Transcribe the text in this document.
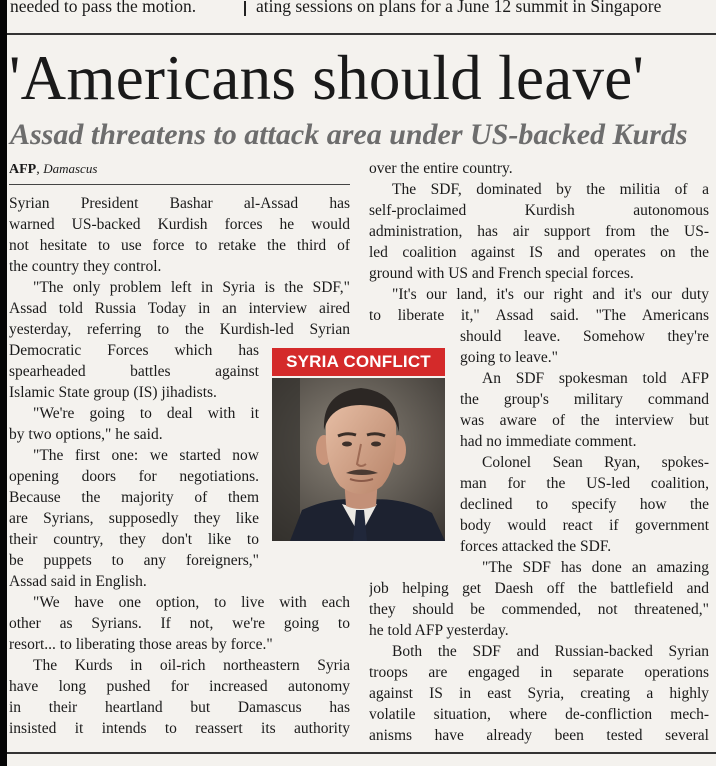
needed to pass the motion.	ating sessions on plans for a June 12 summit in Singapore
'Americans should leave'
Assad threatens to attack area under US-backed Kurds
AFP, Damascus
Syrian President Bashar al-Assad has
warned US-backed Kurdish forces he would
not hesitate to use force to retake the third of
the country they control.
"The only problem left in Syria is the SDF,"
Assad told Russia Today in an interview aired
yesterday, referring to the Kurdish-led Syrian
Democratic Forces which has
spearheaded battles against
Islamic State group (IS) jihadists.
"We're going to deal with it
by two options," he said.
"The first one: we started now
opening doors for negotiations.
Because the majority of them
are Syrians, supposedly they like
their country, they don't like to
be puppets to any foreigners,"
Assad said in English.
"We have one option, to live with each
other as Syrians. If not, we're going to
resort... to liberating those areas by force."
The Kurds in oil-rich northeastern Syria
have long pushed for increased autonomy
in their heartland but Damascus has
insisted it intends to reassert its authority
over the entire country.
The SDF, dominated by the militia of a
self-proclaimed Kurdish autonomous
administration, has air support from the US-
led coalition against IS and operates on the
ground with US and French special forces.
"It's our land, it's our right and it's our duty
to liberate it," Assad said. "The Americans
should leave. Somehow they're
going to leave."
An SDF spokesman told AFP
the group's military command
was aware of the interview but
had no immediate comment.
Colonel Sean Ryan, spokes-
man for the US-led coalition,
declined to specify how the
body would react if government
forces attacked the SDF.
"The SDF has done an amazing
job helping get Daesh off the battlefield and
they should be commended, not threatened,"
he told AFP yesterday.
Both the SDF and Russian-backed Syrian
troops are engaged in separate operations
against IS in east Syria, creating a highly
volatile situation, where de-confliction mech-
anisms have already been tested several
SYRIA CONFLICT
